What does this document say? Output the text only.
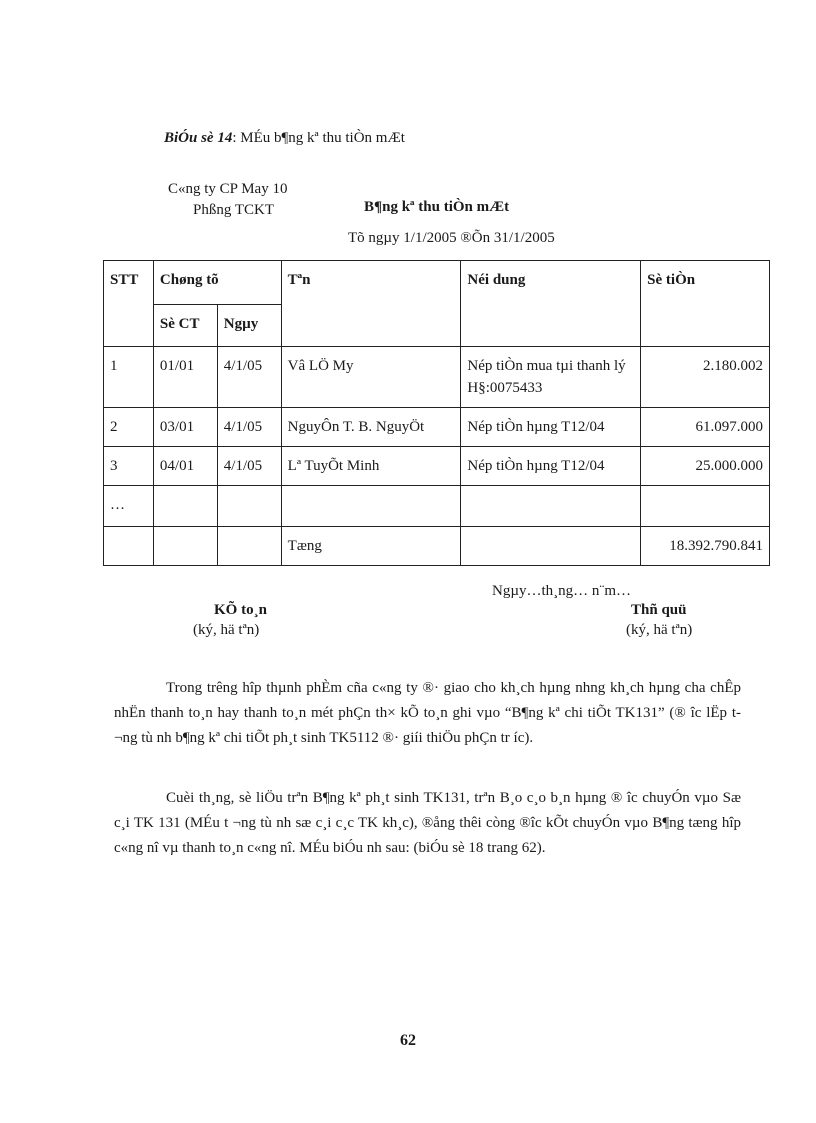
BiÓu sè 14: MÉu b¶ng kª thu tiÒn mÆt
C«ng ty CP May 10
Phßng TCKT	B¶ng kª thu tiÒn mÆt
Tõ ngµy 1/1/2005 ®Õn 31/1/2005
STT	Chøng tõ		Tªn	Néi dung	Sè tiÒn
	Sè CT	Ngµy			
1	01/01	4/1/05	Vâ LÖ My	Nép tiÒn mua tµi thanh lý H§:0075433	2.180.002
2	03/01	4/1/05	NguyÔn T. B. NguyÖt	Nép tiÒn hµng T12/04	61.097.000
3	04/01	4/1/05	Lª TuyÕt Minh	Nép tiÒn hµng T12/04	25.000.000
…					
			Tæng		18.392.790.841
Ngµy…th¸ng… n¨m…
KÕ to¸n
(ký, hä tªn)
Thñ quü
(ký, hä tªn)

Trong trêng hîp thµnh phÈm cña c«ng ty ®· giao cho kh¸ch hµng nhng kh¸ch hµng cha chÊp nhËn thanh to¸n hay thanh to¸n mét phÇn th× kÕ to¸n ghi vµo “B¶ng kª chi tiÕt TK131” (® îc lËp t ¬ng tù nh b¶ng kª chi tiÕt ph¸t sinh TK5112 ®· giíi thiÖu phÇn tr íc).

Cuèi th¸ng, sè liÖu trªn B¶ng kª ph¸t sinh TK131, trªn B¸o c¸o b¸n hµng ® îc chuyÓn vµo Sæ c¸i TK 131 (MÉu t ¬ng tù nh sæ c¸i c¸c TK kh¸c), ®ång thêi còng ®îc kÕt chuyÓn vµo B¶ng tæng hîp c«ng nî vµ thanh to¸n c«ng nî. MÉu biÓu nh sau: (biÓu sè 18 trang 62).

62
